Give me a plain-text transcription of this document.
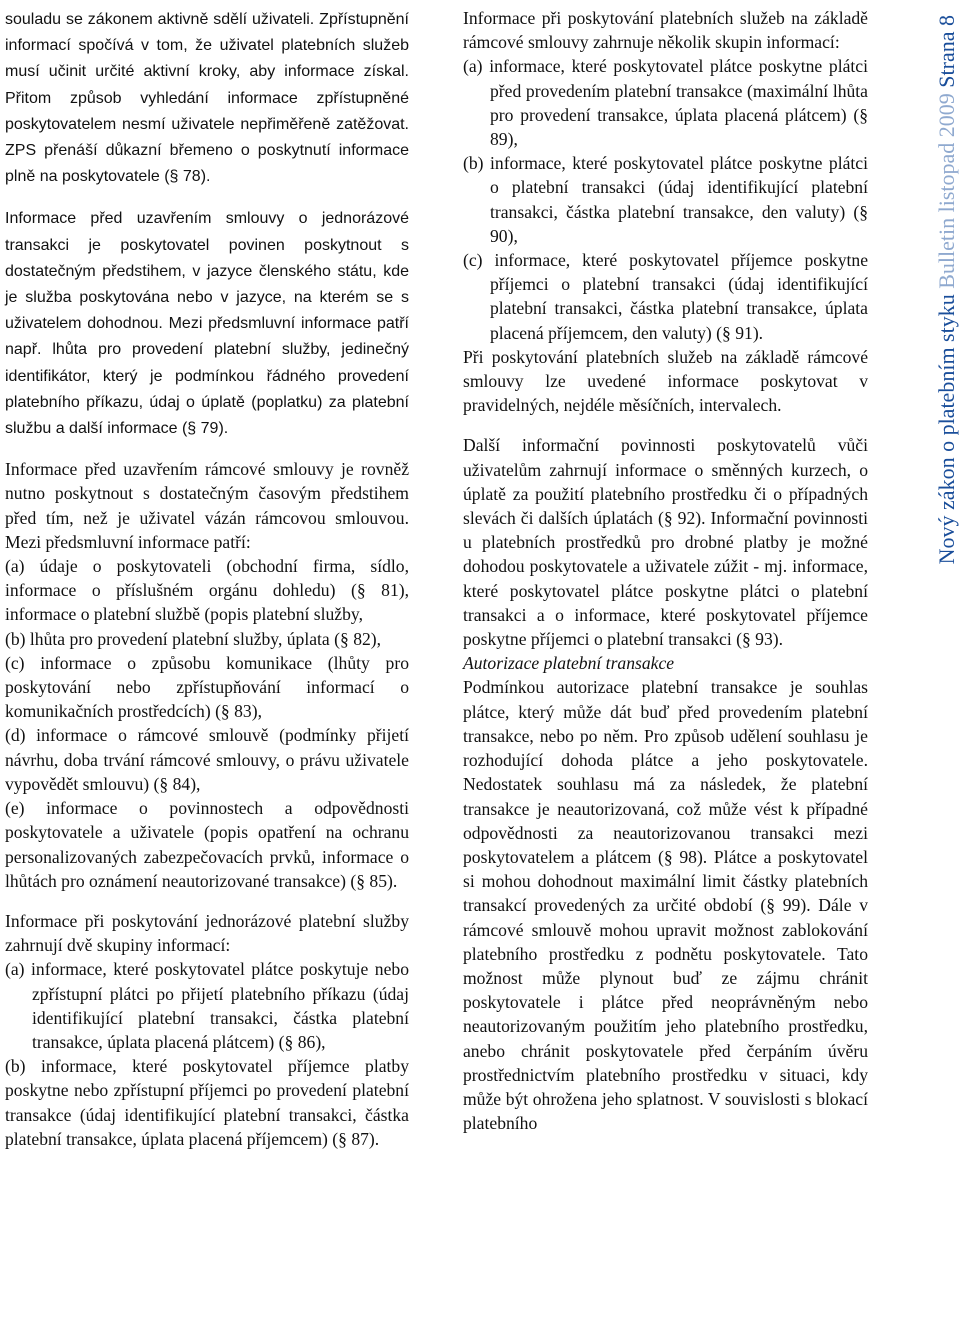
souladu se zákonem aktivně sdělí uživateli. Zpřístupnění informací spočívá v tom, že uživatel platebních služeb musí učinit určité aktivní kroky, aby informace získal. Přitom způsob vyhledání informace zpřístupněné poskytovatelem nesmí uživatele nepřiměřeně zatěžovat. ZPS přenáší důkazní břemeno o poskytnutí informace plně na poskytovatele (§ 78).

Informace před uzavřením smlouvy o jednorázové transakci je poskytovatel povinen poskytnout s dostatečným předstihem, v jazyce členského státu, kde je služba poskytována nebo v jazyce, na kterém se s uživatelem dohodnou. Mezi předsmluvní informace patří např. lhůta pro provedení platební služby, jedinečný identifikátor, který je podmínkou řádného provedení platebního příkazu, údaj o úplatě (poplatku) za platební službu a další informace (§ 79).

Informace před uzavřením rámcové smlouvy je rovněž nutno poskytnout s dostatečným časovým předstihem před tím, než je uživatel vázán rámcovou smlouvou. Mezi předsmluvní informace patří:

(a) údaje o poskytovateli (obchodní firma, sídlo, informace o příslušném orgánu dohledu) (§ 81), informace o platební službě (popis platební služby,

(b) lhůta pro provedení platební služby, úplata (§ 82),

(c) informace o způsobu komunikace (lhůty pro poskytování nebo zpřístupňování informací o komunikačních prostředcích) (§ 83),

(d) informace o rámcové smlouvě (podmínky přijetí návrhu, doba trvání rámcové smlouvy, o právu uživatele vypovědět smlouvu) (§ 84),

(e) informace o povinnostech a odpovědnosti poskytovatele a uživatele (popis opatření na ochranu personalizovaných zabezpečovacích prvků, informace o lhůtách pro oznámení neautorizované transakce) (§ 85).

Informace při poskytování jednorázové platební služby zahrnují dvě skupiny informací:

(a) informace, které poskytovatel plátce poskytuje nebo zpřístupní plátci po přijetí platebního příkazu (údaj identifikující platební transakci, částka platební transakce, úplata placená plátcem) (§ 86),

(b) informace, které poskytovatel příjemce platby poskytne nebo zpřístupní příjemci po provedení platební transakce (údaj identifikující platební transakci, částka platební transakce, úplata placená příjemcem) (§ 87).

Informace při poskytování platebních služeb na základě rámcové smlouvy zahrnuje několik skupin informací:

(a) informace, které poskytovatel plátce poskytne plátci před provedením platební transakce (maximální lhůta pro provedení transakce, úplata placená plátcem) (§ 89),

(b) informace, které poskytovatel plátce poskytne plátci o platební transakci (údaj identifikující platební transakci, částka platební transakce, den valuty) (§ 90),

(c) informace, které poskytovatel příjemce poskytne příjemci o platební transakci (údaj identifikující platební transakci, částka platební transakce, úplata placená příjemcem, den valuty) (§ 91).

Při poskytování platebních služeb na základě rámcové smlouvy lze uvedené informace poskytovat v pravidelných, nejdéle měsíčních, intervalech.

Další informační povinnosti poskytovatelů vůči uživatelům zahrnují informace o směnných kurzech, o úplatě za použití platebního prostředku či o případných slevách či dalších úplatách (§ 92). Informační povinnosti u platebních prostředků pro drobné platby je možné dohodou poskytovatele a uživatele zúžit - mj. informace, které poskytovatel plátce poskytne plátci o platební transakci a o informace, které poskytovatel příjemce poskytne příjemci o platební transakci (§ 93).

Autorizace platební transakce

Podmínkou autorizace platební transakce je souhlas plátce, který může dát buď před provedením platební transakce, nebo po něm. Pro způsob udělení souhlasu je rozhodující dohoda plátce a jeho poskytovatele. Nedostatek souhlasu má za následek, že platební transakce je neautorizovaná, což může vést k případné odpovědnosti za neautorizovanou transakci mezi poskytovatelem a plátcem (§ 98). Plátce a poskytovatel si mohou dohodnout maximální limit částky platebních transakcí provedených za určité období (§ 99). Dále v rámcové smlouvě mohou upravit možnost zablokování platebního prostředku z podnětu poskytovatele. Tato možnost může plynout buď ze zájmu chránit poskytovatele i plátce před neoprávněným nebo neautorizovaným použitím jeho platebního prostředku, anebo chránit poskytovatele před čerpáním úvěru prostřednictvím platebního prostředku v situaci, kdy může být ohrožena jeho splatnost. V souvislosti s blokací platebního

Nový zákon o platebním styku Bulletin listopad 2009 Strana 8
